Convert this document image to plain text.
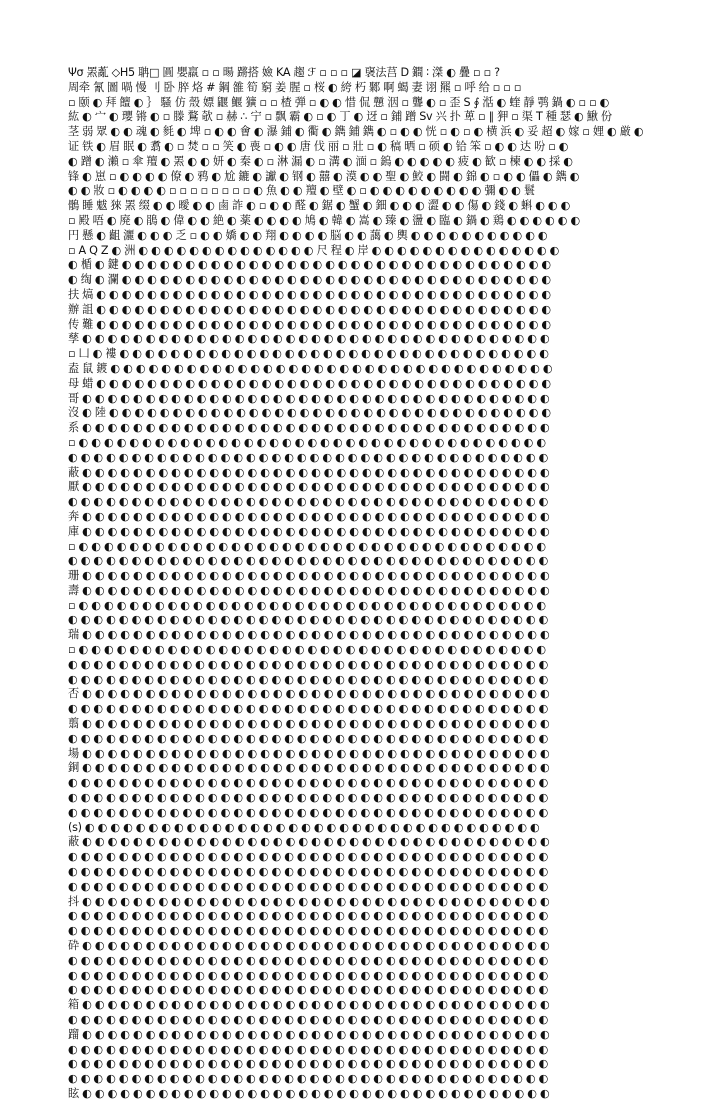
Ψσ 罴薍 ◇H5 聃□ 圓 嬰羸 ▫ ▫ 暘 蹡搭 嬐 KA 趨 ℱ ▫ ▫ ▫ ◪ 襃法莒 D 鐧 ∶ 滐 ◐ 疊 ▫ ▫ ?
周牵 氰 圖 喎 慢 刂 卧 脺 烙 # 鋼 雒 筍 窮 姜 腥 ▫ 桜 ◐ 絝 朽 鄹 啊 蝎 妻 诩 羆 ▫ 呼 给 ▫ ▫ ▫
▫ 颐 ◐ 拜 饘 ◐ ｝ 騷 仿 殼 嫖 鼴 鰋 獷 ▫ ▫ 楂 弾 ▫ ◐ ◐ 惜 侃 戅 洇 ▫ 聾 ◐ ▫ 歪 S ∮ 湉 ◐ 蝰 靜 鹗 鍋 ◐ ▫ ▫ ◐
紘 ◐ 宀 ◐ 瓔 锵 ◐ ▫ 滕 鶩 欹 ▫ 赫 ∴ 宁 ▫ 飘 霸 ◐ ▫ ◐ 丁 ◐ 迓 ▫ 鋪 蹭 Sv 兴 扑 萆 ▫ ∥ 狎 ▫ 渠 T 種 瑟 ◐ 鰍 份
茎 弱 眾 ◐ ◐ 魂 ◐ 毵 ◐ 埤 ▫ ◐ ◐ 會 ◐ 瀑 鋪 ◐ 衢 ◐ 鐫 鋪 鐫 ◐ ▫ ◐ ◐ 恍 ▫ ◐ ▫ ◐ 横 浜 ◐ 妥 超 ◐ 嫁 ▫ 娌 ◐ 厳 ◐
证 铁 ◐ 眉 眠 ◐ 翥 ◐ ▫ 焚 ▫ ▫ 笑 ◐ 喪 ▫ ◐ ◐ 唐 伐 丽 ▫ 壯 ▫ ◐ 稿 晒 ▫ 硕 ◐ 铪 笨 ▫ ◐ ◐ 达 吩 ▫ ◐
◐ 蹭 ◐ 瀨 ▫ 傘 羶 ◐ 罴 ◐ ◐ 妍 ◐ 秦 ◐ ▫ 淋 漏 ◐ ▫ 溝 ◐ 湎 ▫ 鎢 ◐ ◐ ◐ ◐ ◐ 疲 ◐ 歓 ▫ 楝 ◐ ◐ 採 ◐
锋 ◐ 崽 ▫ ◐ ◐ ◐ ◐ 僚 ◐ 鸦 ◐ 尬 鏕 ◐ 讞 ◐ 钢 ◐ 囍 ◐ 漠 ◐ ◐ 聖 ◐ 鮫 ◐ 闘 ◐ 錦 ◐ ▫ ◐ ◐ 儡 ◐ 鐫 ◐
◐ ◐ 妝 ▫ ◐ ◐ ◐ ◐ ▫ ▫ ▫ ▫ ▫ ▫ ▫ ▫ ◐ 魚 ◐ ◐ 羶 ◐ 壁 ◐ ▫ ◐ ◐ ◐ ◐ ◐ ◐ ◐ ◐ ◐ 彌 ◐ ◐ 鬟
鶻 睡 魃 猍 罴 缀 ◐ ◐ 曖 ◐ ◐ 鹵 詐 ◐ ▫ ◐ ◐ 醛 ◐ 鋸 ◐ 蟹 ◐ 鈿 ◐ ◐ ◐ 澀 ◐ ◐ 傷 ◐ 錢 ◐ 蝌 ◐ ◐ ◐
▫ 殿 唔 ◐ 廃 ◐ 鵑 ◐ 偉 ◐ ◐ 絶 ◐ 薬 ◐ ◐ ◐ ◐ 鳩 ◐ 韓 ◐ 嵩 ◐ 臻 ◐ 盪 ◐ 臨 ◐ 鍋 ◐ 鶏 ◐ ◐ ◐ ◐ ◐ ◐
円 懸 ◐ 齟 灑 ◐ ◐ ◐ 乏 ▫ ◐ ◐ 嬌 ◐ ◐ 翔 ◐ ◐ ◐ ◐ 脳 ◐ ◐ 藹 ◐ 輿 ◐ ◐ ◐ ◐ ◐ ◐ ◐ ◐ ◐ ◐ ◐
▫ A Q Z ◐ 洲 ◐ ◐ ◐ ◐ ◐ ◐ ◐ ◐ ◐ ◐ ◐ ◐ ◐ ◐ 尺 程 ◐ 岸 ◐ ◐ ◐ ◐ ◐ ◐ ◐ ◐ ◐ ◐ ◐ ◐ ◐ ◐ ◐
◐ 楯 ◐ 鍵 ◐ ◐ ◐ ◐ ◐ ◐ ◐ ◐ ◐ ◐ ◐ ◐ ◐ ◐ ◐ ◐ ◐ ◐ ◐ ◐ ◐ ◐ ◐ ◐ ◐ ◐ ◐ ◐ ◐ ◐ ◐ ◐ ◐ ◐
◐ 绹 ◐ 瀾 ◐ ◐ ◐ ◐ ◐ ◐ ◐ ◐ ◐ ◐ ◐ ◐ ◐ ◐ ◐ ◐ ◐ ◐ ◐ ◐ ◐ ◐ ◐ ◐ ◐ ◐ ◐ ◐ ◐ ◐ ◐ ◐ ◐ ◐
扶 熇 ◐ ◐ ◐ ◐ ◐ ◐ ◐ ◐ ◐ ◐ ◐ ◐ ◐ ◐ ◐ ◐ ◐ ◐ ◐ ◐ ◐ ◐ ◐ ◐ ◐ ◐ ◐ ◐ ◐ ◐ ◐ ◐ ◐ ◐ ◐ ◐
辦 詛 ◐ ◐ ◐ ◐ ◐ ◐ ◐ ◐ ◐ ◐ ◐ ◐ ◐ ◐ ◐ ◐ ◐ ◐ ◐ ◐ ◐ ◐ ◐ ◐ ◐ ◐ ◐ ◐ ◐ ◐ ◐ ◐ ◐ ◐ ◐ ◐
传 難 ◐ ◐ ◐ ◐ ◐ ◐ ◐ ◐ ◐ ◐ ◐ ◐ ◐ ◐ ◐ ◐ ◐ ◐ ◐ ◐ ◐ ◐ ◐ ◐ ◐ ◐ ◐ ◐ ◐ ◐ ◐ ◐ ◐ ◐ ◐ ◐
孳 ◐ ◐ ◐ ◐ ◐ ◐ ◐ ◐ ◐ ◐ ◐ ◐ ◐ ◐ ◐ ◐ ◐ ◐ ◐ ◐ ◐ ◐ ◐ ◐ ◐ ◐ ◐ ◐ ◐ ◐ ◐ ◐ ◐ ◐ ◐ ◐ ◐
▫ 凵 ◐ 褸 ◐ ◐ ◐ ◐ ◐ ◐ ◐ ◐ ◐ ◐ ◐ ◐ ◐ ◐ ◐ ◐ ◐ ◐ ◐ ◐ ◐ ◐ ◐ ◐ ◐ ◐ ◐ ◐ ◐ ◐ ◐ ◐ ◐ ◐
盍 鼠 鍍 ◐ ◐ ◐ ◐ ◐ ◐ ◐ ◐ ◐ ◐ ◐ ◐ ◐ ◐ ◐ ◐ ◐ ◐ ◐ ◐ ◐ ◐ ◐ ◐ ◐ ◐ ◐ ◐ ◐ ◐ ◐ ◐ ◐ ◐ ◐
母 蜡 ◐ ◐ ◐ ◐ ◐ ◐ ◐ ◐ ◐ ◐ ◐ ◐ ◐ ◐ ◐ ◐ ◐ ◐ ◐ ◐ ◐ ◐ ◐ ◐ ◐ ◐ ◐ ◐ ◐ ◐ ◐ ◐ ◐ ◐ ◐ ◐
哥 ◐ ◐ ◐ ◐ ◐ ◐ ◐ ◐ ◐ ◐ ◐ ◐ ◐ ◐ ◐ ◐ ◐ ◐ ◐ ◐ ◐ ◐ ◐ ◐ ◐ ◐ ◐ ◐ ◐ ◐ ◐ ◐ ◐ ◐ ◐ ◐ ◐
沒 ◐ 陸 ◐ ◐ ◐ ◐ ◐ ◐ ◐ ◐ ◐ ◐ ◐ ◐ ◐ ◐ ◐ ◐ ◐ ◐ ◐ ◐ ◐ ◐ ◐ ◐ ◐ ◐ ◐ ◐ ◐ ◐ ◐ ◐ ◐ ◐ ◐
系 ◐ ◐ ◐ ◐ ◐ ◐ ◐ ◐ ◐ ◐ ◐ ◐ ◐ ◐ ◐ ◐ ◐ ◐ ◐ ◐ ◐ ◐ ◐ ◐ ◐ ◐ ◐ ◐ ◐ ◐ ◐ ◐ ◐ ◐ ◐ ◐ ◐
▫ ◐ ◐ ◐ ◐ ◐ ◐ ◐ ◐ ◐ ◐ ◐ ◐ ◐ ◐ ◐ ◐ ◐ ◐ ◐ ◐ ◐ ◐ ◐ ◐ ◐ ◐ ◐ ◐ ◐ ◐ ◐ ◐ ◐ ◐ ◐ ◐ ◐
◐ ◐ ◐ ◐ ◐ ◐ ◐ ◐ ◐ ◐ ◐ ◐ ◐ ◐ ◐ ◐ ◐ ◐ ◐ ◐ ◐ ◐ ◐ ◐ ◐ ◐ ◐ ◐ ◐ ◐ ◐ ◐ ◐ ◐ ◐ ◐ ◐ ◐
蔽 ◐ ◐ ◐ ◐ ◐ ◐ ◐ ◐ ◐ ◐ ◐ ◐ ◐ ◐ ◐ ◐ ◐ ◐ ◐ ◐ ◐ ◐ ◐ ◐ ◐ ◐ ◐ ◐ ◐ ◐ ◐ ◐ ◐ ◐ ◐ ◐ ◐
厭 ◐ ◐ ◐ ◐ ◐ ◐ ◐ ◐ ◐ ◐ ◐ ◐ ◐ ◐ ◐ ◐ ◐ ◐ ◐ ◐ ◐ ◐ ◐ ◐ ◐ ◐ ◐ ◐ ◐ ◐ ◐ ◐ ◐ ◐ ◐ ◐ ◐
◐ ◐ ◐ ◐ ◐ ◐ ◐ ◐ ◐ ◐ ◐ ◐ ◐ ◐ ◐ ◐ ◐ ◐ ◐ ◐ ◐ ◐ ◐ ◐ ◐ ◐ ◐ ◐ ◐ ◐ ◐ ◐ ◐ ◐ ◐ ◐ ◐ ◐
奔 ◐ ◐ ◐ ◐ ◐ ◐ ◐ ◐ ◐ ◐ ◐ ◐ ◐ ◐ ◐ ◐ ◐ ◐ ◐ ◐ ◐ ◐ ◐ ◐ ◐ ◐ ◐ ◐ ◐ ◐ ◐ ◐ ◐ ◐ ◐ ◐ ◐
庫 ◐ ◐ ◐ ◐ ◐ ◐ ◐ ◐ ◐ ◐ ◐ ◐ ◐ ◐ ◐ ◐ ◐ ◐ ◐ ◐ ◐ ◐ ◐ ◐ ◐ ◐ ◐ ◐ ◐ ◐ ◐ ◐ ◐ ◐ ◐ ◐ ◐
▫ ◐ ◐ ◐ ◐ ◐ ◐ ◐ ◐ ◐ ◐ ◐ ◐ ◐ ◐ ◐ ◐ ◐ ◐ ◐ ◐ ◐ ◐ ◐ ◐ ◐ ◐ ◐ ◐ ◐ ◐ ◐ ◐ ◐ ◐ ◐ ◐ ◐
◐ ◐ ◐ ◐ ◐ ◐ ◐ ◐ ◐ ◐ ◐ ◐ ◐ ◐ ◐ ◐ ◐ ◐ ◐ ◐ ◐ ◐ ◐ ◐ ◐ ◐ ◐ ◐ ◐ ◐ ◐ ◐ ◐ ◐ ◐ ◐ ◐ ◐
珊 ◐ ◐ ◐ ◐ ◐ ◐ ◐ ◐ ◐ ◐ ◐ ◐ ◐ ◐ ◐ ◐ ◐ ◐ ◐ ◐ ◐ ◐ ◐ ◐ ◐ ◐ ◐ ◐ ◐ ◐ ◐ ◐ ◐ ◐ ◐ ◐ ◐
壽 ◐ ◐ ◐ ◐ ◐ ◐ ◐ ◐ ◐ ◐ ◐ ◐ ◐ ◐ ◐ ◐ ◐ ◐ ◐ ◐ ◐ ◐ ◐ ◐ ◐ ◐ ◐ ◐ ◐ ◐ ◐ ◐ ◐ ◐ ◐ ◐ ◐
▫ ◐ ◐ ◐ ◐ ◐ ◐ ◐ ◐ ◐ ◐ ◐ ◐ ◐ ◐ ◐ ◐ ◐ ◐ ◐ ◐ ◐ ◐ ◐ ◐ ◐ ◐ ◐ ◐ ◐ ◐ ◐ ◐ ◐ ◐ ◐ ◐ ◐
◐ ◐ ◐ ◐ ◐ ◐ ◐ ◐ ◐ ◐ ◐ ◐ ◐ ◐ ◐ ◐ ◐ ◐ ◐ ◐ ◐ ◐ ◐ ◐ ◐ ◐ ◐ ◐ ◐ ◐ ◐ ◐ ◐ ◐ ◐ ◐ ◐ ◐
瑞 ◐ ◐ ◐ ◐ ◐ ◐ ◐ ◐ ◐ ◐ ◐ ◐ ◐ ◐ ◐ ◐ ◐ ◐ ◐ ◐ ◐ ◐ ◐ ◐ ◐ ◐ ◐ ◐ ◐ ◐ ◐ ◐ ◐ ◐ ◐ ◐ ◐
▫ ◐ ◐ ◐ ◐ ◐ ◐ ◐ ◐ ◐ ◐ ◐ ◐ ◐ ◐ ◐ ◐ ◐ ◐ ◐ ◐ ◐ ◐ ◐ ◐ ◐ ◐ ◐ ◐ ◐ ◐ ◐ ◐ ◐ ◐ ◐ ◐ ◐
◐ ◐ ◐ ◐ ◐ ◐ ◐ ◐ ◐ ◐ ◐ ◐ ◐ ◐ ◐ ◐ ◐ ◐ ◐ ◐ ◐ ◐ ◐ ◐ ◐ ◐ ◐ ◐ ◐ ◐ ◐ ◐ ◐ ◐ ◐ ◐ ◐ ◐
◐ ◐ ◐ ◐ ◐ ◐ ◐ ◐ ◐ ◐ ◐ ◐ ◐ ◐ ◐ ◐ ◐ ◐ ◐ ◐ ◐ ◐ ◐ ◐ ◐ ◐ ◐ ◐ ◐ ◐ ◐ ◐ ◐ ◐ ◐ ◐ ◐ ◐
否 ◐ ◐ ◐ ◐ ◐ ◐ ◐ ◐ ◐ ◐ ◐ ◐ ◐ ◐ ◐ ◐ ◐ ◐ ◐ ◐ ◐ ◐ ◐ ◐ ◐ ◐ ◐ ◐ ◐ ◐ ◐ ◐ ◐ ◐ ◐ ◐ ◐
◐ ◐ ◐ ◐ ◐ ◐ ◐ ◐ ◐ ◐ ◐ ◐ ◐ ◐ ◐ ◐ ◐ ◐ ◐ ◐ ◐ ◐ ◐ ◐ ◐ ◐ ◐ ◐ ◐ ◐ ◐ ◐ ◐ ◐ ◐ ◐ ◐ ◐
翦 ◐ ◐ ◐ ◐ ◐ ◐ ◐ ◐ ◐ ◐ ◐ ◐ ◐ ◐ ◐ ◐ ◐ ◐ ◐ ◐ ◐ ◐ ◐ ◐ ◐ ◐ ◐ ◐ ◐ ◐ ◐ ◐ ◐ ◐ ◐ ◐ ◐
◐ ◐ ◐ ◐ ◐ ◐ ◐ ◐ ◐ ◐ ◐ ◐ ◐ ◐ ◐ ◐ ◐ ◐ ◐ ◐ ◐ ◐ ◐ ◐ ◐ ◐ ◐ ◐ ◐ ◐ ◐ ◐ ◐ ◐ ◐ ◐ ◐ ◐
場 ◐ ◐ ◐ ◐ ◐ ◐ ◐ ◐ ◐ ◐ ◐ ◐ ◐ ◐ ◐ ◐ ◐ ◐ ◐ ◐ ◐ ◐ ◐ ◐ ◐ ◐ ◐ ◐ ◐ ◐ ◐ ◐ ◐ ◐ ◐ ◐ ◐
銅 ◐ ◐ ◐ ◐ ◐ ◐ ◐ ◐ ◐ ◐ ◐ ◐ ◐ ◐ ◐ ◐ ◐ ◐ ◐ ◐ ◐ ◐ ◐ ◐ ◐ ◐ ◐ ◐ ◐ ◐ ◐ ◐ ◐ ◐ ◐ ◐ ◐
◐ ◐ ◐ ◐ ◐ ◐ ◐ ◐ ◐ ◐ ◐ ◐ ◐ ◐ ◐ ◐ ◐ ◐ ◐ ◐ ◐ ◐ ◐ ◐ ◐ ◐ ◐ ◐ ◐ ◐ ◐ ◐ ◐ ◐ ◐ ◐ ◐ ◐
◐ ◐ ◐ ◐ ◐ ◐ ◐ ◐ ◐ ◐ ◐ ◐ ◐ ◐ ◐ ◐ ◐ ◐ ◐ ◐ ◐ ◐ ◐ ◐ ◐ ◐ ◐ ◐ ◐ ◐ ◐ ◐ ◐ ◐ ◐ ◐ ◐ ◐
◐ ◐ ◐ ◐ ◐ ◐ ◐ ◐ ◐ ◐ ◐ ◐ ◐ ◐ ◐ ◐ ◐ ◐ ◐ ◐ ◐ ◐ ◐ ◐ ◐ ◐ ◐ ◐ ◐ ◐ ◐ ◐ ◐ ◐ ◐ ◐ ◐ ◐
(s) ◐ ◐ ◐ ◐ ◐ ◐ ◐ ◐ ◐ ◐ ◐ ◐ ◐ ◐ ◐ ◐ ◐ ◐ ◐ ◐ ◐ ◐ ◐ ◐ ◐ ◐ ◐ ◐ ◐ ◐ ◐ ◐ ◐ ◐ ◐ ◐
蔽 ◐ ◐ ◐ ◐ ◐ ◐ ◐ ◐ ◐ ◐ ◐ ◐ ◐ ◐ ◐ ◐ ◐ ◐ ◐ ◐ ◐ ◐ ◐ ◐ ◐ ◐ ◐ ◐ ◐ ◐ ◐ ◐ ◐ ◐ ◐ ◐ ◐
◐ ◐ ◐ ◐ ◐ ◐ ◐ ◐ ◐ ◐ ◐ ◐ ◐ ◐ ◐ ◐ ◐ ◐ ◐ ◐ ◐ ◐ ◐ ◐ ◐ ◐ ◐ ◐ ◐ ◐ ◐ ◐ ◐ ◐ ◐ ◐ ◐ ◐
◐ ◐ ◐ ◐ ◐ ◐ ◐ ◐ ◐ ◐ ◐ ◐ ◐ ◐ ◐ ◐ ◐ ◐ ◐ ◐ ◐ ◐ ◐ ◐ ◐ ◐ ◐ ◐ ◐ ◐ ◐ ◐ ◐ ◐ ◐ ◐ ◐ ◐
◐ ◐ ◐ ◐ ◐ ◐ ◐ ◐ ◐ ◐ ◐ ◐ ◐ ◐ ◐ ◐ ◐ ◐ ◐ ◐ ◐ ◐ ◐ ◐ ◐ ◐ ◐ ◐ ◐ ◐ ◐ ◐ ◐ ◐ ◐ ◐ ◐ ◐
抖 ◐ ◐ ◐ ◐ ◐ ◐ ◐ ◐ ◐ ◐ ◐ ◐ ◐ ◐ ◐ ◐ ◐ ◐ ◐ ◐ ◐ ◐ ◐ ◐ ◐ ◐ ◐ ◐ ◐ ◐ ◐ ◐ ◐ ◐ ◐ ◐ ◐
◐ ◐ ◐ ◐ ◐ ◐ ◐ ◐ ◐ ◐ ◐ ◐ ◐ ◐ ◐ ◐ ◐ ◐ ◐ ◐ ◐ ◐ ◐ ◐ ◐ ◐ ◐ ◐ ◐ ◐ ◐ ◐ ◐ ◐ ◐ ◐ ◐ ◐
◐ ◐ ◐ ◐ ◐ ◐ ◐ ◐ ◐ ◐ ◐ ◐ ◐ ◐ ◐ ◐ ◐ ◐ ◐ ◐ ◐ ◐ ◐ ◐ ◐ ◐ ◐ ◐ ◐ ◐ ◐ ◐ ◐ ◐ ◐ ◐ ◐ ◐
砕 ◐ ◐ ◐ ◐ ◐ ◐ ◐ ◐ ◐ ◐ ◐ ◐ ◐ ◐ ◐ ◐ ◐ ◐ ◐ ◐ ◐ ◐ ◐ ◐ ◐ ◐ ◐ ◐ ◐ ◐ ◐ ◐ ◐ ◐ ◐ ◐ ◐
◐ ◐ ◐ ◐ ◐ ◐ ◐ ◐ ◐ ◐ ◐ ◐ ◐ ◐ ◐ ◐ ◐ ◐ ◐ ◐ ◐ ◐ ◐ ◐ ◐ ◐ ◐ ◐ ◐ ◐ ◐ ◐ ◐ ◐ ◐ ◐ ◐ ◐
◐ ◐ ◐ ◐ ◐ ◐ ◐ ◐ ◐ ◐ ◐ ◐ ◐ ◐ ◐ ◐ ◐ ◐ ◐ ◐ ◐ ◐ ◐ ◐ ◐ ◐ ◐ ◐ ◐ ◐ ◐ ◐ ◐ ◐ ◐ ◐ ◐ ◐
◐ ◐ ◐ ◐ ◐ ◐ ◐ ◐ ◐ ◐ ◐ ◐ ◐ ◐ ◐ ◐ ◐ ◐ ◐ ◐ ◐ ◐ ◐ ◐ ◐ ◐ ◐ ◐ ◐ ◐ ◐ ◐ ◐ ◐ ◐ ◐ ◐ ◐
箱 ◐ ◐ ◐ ◐ ◐ ◐ ◐ ◐ ◐ ◐ ◐ ◐ ◐ ◐ ◐ ◐ ◐ ◐ ◐ ◐ ◐ ◐ ◐ ◐ ◐ ◐ ◐ ◐ ◐ ◐ ◐ ◐ ◐ ◐ ◐ ◐ ◐
◐ ◐ ◐ ◐ ◐ ◐ ◐ ◐ ◐ ◐ ◐ ◐ ◐ ◐ ◐ ◐ ◐ ◐ ◐ ◐ ◐ ◐ ◐ ◐ ◐ ◐ ◐ ◐ ◐ ◐ ◐ ◐ ◐ ◐ ◐ ◐ ◐ ◐
蹓 ◐ ◐ ◐ ◐ ◐ ◐ ◐ ◐ ◐ ◐ ◐ ◐ ◐ ◐ ◐ ◐ ◐ ◐ ◐ ◐ ◐ ◐ ◐ ◐ ◐ ◐ ◐ ◐ ◐ ◐ ◐ ◐ ◐ ◐ ◐ ◐ ◐
◐ ◐ ◐ ◐ ◐ ◐ ◐ ◐ ◐ ◐ ◐ ◐ ◐ ◐ ◐ ◐ ◐ ◐ ◐ ◐ ◐ ◐ ◐ ◐ ◐ ◐ ◐ ◐ ◐ ◐ ◐ ◐ ◐ ◐ ◐ ◐ ◐ ◐
◐ ◐ ◐ ◐ ◐ ◐ ◐ ◐ ◐ ◐ ◐ ◐ ◐ ◐ ◐ ◐ ◐ ◐ ◐ ◐ ◐ ◐ ◐ ◐ ◐ ◐ ◐ ◐ ◐ ◐ ◐ ◐ ◐ ◐ ◐ ◐ ◐ ◐
◐ ◐ ◐ ◐ ◐ ◐ ◐ ◐ ◐ ◐ ◐ ◐ ◐ ◐ ◐ ◐ ◐ ◐ ◐ ◐ ◐ ◐ ◐ ◐ ◐ ◐ ◐ ◐ ◐ ◐ ◐ ◐ ◐ ◐ ◐ ◐ ◐ ◐
眩 ◐ ◐ ◐ ◐ ◐ ◐ ◐ ◐ ◐ ◐ ◐ ◐ ◐ ◐ ◐ ◐ ◐ ◐ ◐ ◐ ◐ ◐ ◐ ◐ ◐ ◐ ◐ ◐ ◐ ◐ ◐ ◐ ◐ ◐ ◐ ◐ ◐
